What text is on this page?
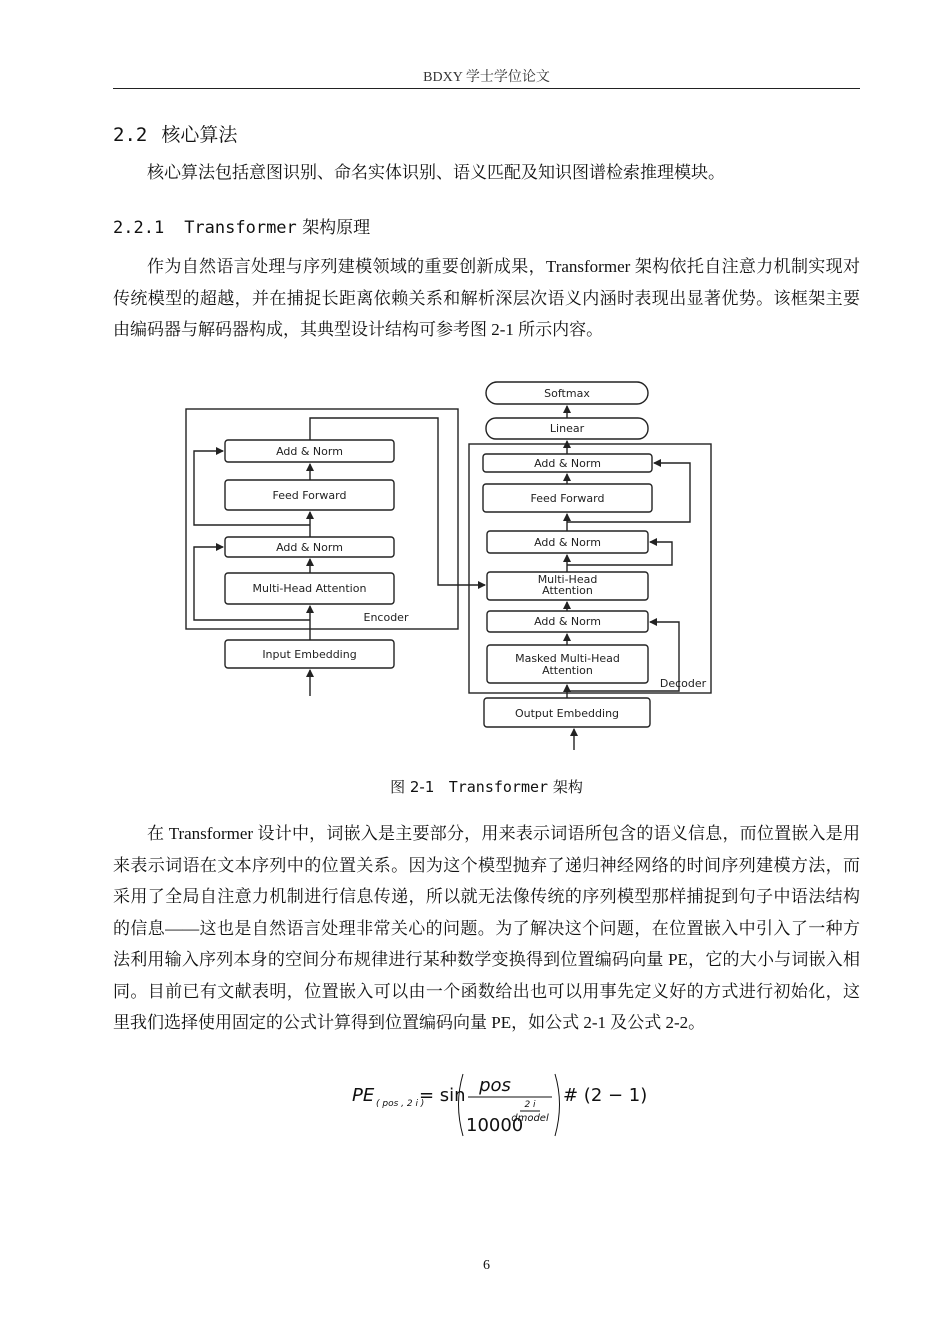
BDXY 学士学位论文
2.2 核心算法

核心算法包括意图识别、命名实体识别、语义匹配及知识图谱检索推理模块。

2.2.1 Transformer 架构原理

作为自然语言处理与序列建模领域的重要创新成果，Transformer 架构依托自注意力机制实现对传统模型的超越，并在捕捉长距离依赖关系和解析深层次语义内涵时表现出显著优势。该框架主要由编码器与解码器构成，其典型设计结构可参考图 2-1 所示内容。

Add & Norm
Feed Forward
Add & Norm
Multi-Head Attention
Input Embedding
Encoder
Softmax
Linear
Add & Norm
Feed Forward
Add & Norm
Multi-Head
Attention
Add & Norm
Masked Multi-Head
Attention
Output Embedding
Decoder
图 2-1 Transformer 架构

在 Transformer 设计中，词嵌入是主要部分，用来表示词语所包含的语义信息，而位置嵌入是用来表示词语在文本序列中的位置关系。因为这个模型抛弃了递归神经网络的时间序列建模方法，而采用了全局自注意力机制进行信息传递，所以就无法像传统的序列模型那样捕捉到句子中语法结构的信息——这也是自然语言处理非常关心的问题。为了解决这个问题，在位置嵌入中引入了一种方法利用输入序列本身的空间分布规律进行某种数学变换得到位置编码向量 PE，它的大小与词嵌入相同。目前已有文献表明，位置嵌入可以由一个函数给出也可以用事先定义好的方式进行初始化，这里我们选择使用固定的公式计算得到位置编码向量 PE，如公式 2-1 及公式 2-2。

PE ( pos , 2 i )
= sin pos
10000
2 i
dmodel
# (2 − 1)
6
